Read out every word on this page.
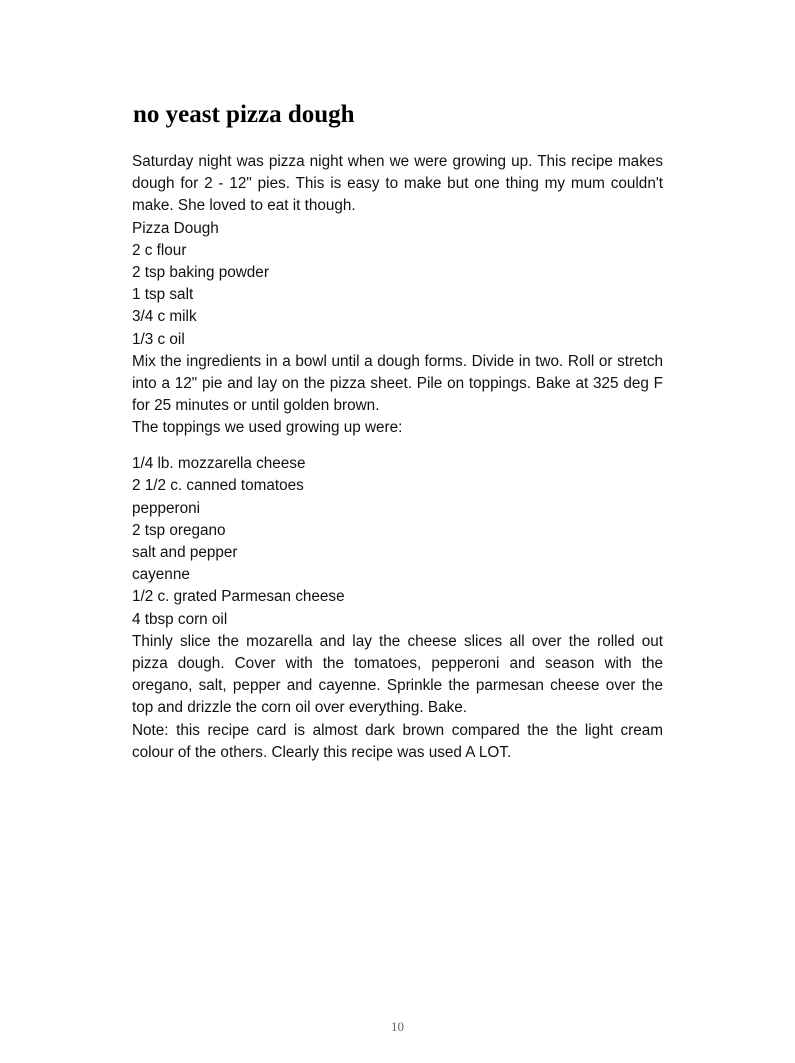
no yeast pizza dough

Saturday night was pizza night when we were growing up. This recipe makes dough for 2 - 12" pies. This is easy to make but one thing my mum couldn't make. She loved to eat it though.

Pizza Dough

2 c flour

2 tsp baking powder

1 tsp salt

3/4 c milk

1/3 c oil

Mix the ingredients in a bowl until a dough forms. Divide in two. Roll or stretch into a 12" pie and lay on the pizza sheet. Pile on toppings. Bake at 325 deg F for 25 minutes or until golden brown.

The toppings we used growing up were:

1/4 lb. mozzarella cheese

2 1/2 c. canned tomatoes

pepperoni

2 tsp oregano

salt and pepper

cayenne

1/2 c. grated Parmesan cheese

4 tbsp corn oil

Thinly slice the mozarella and lay the cheese slices all over the rolled out pizza dough. Cover with the tomatoes, pepperoni and season with the oregano, salt, pepper and cayenne. Sprinkle the parmesan cheese over the top and drizzle the corn oil over everything. Bake.

Note: this recipe card is almost dark brown compared the the light cream colour of the others. Clearly this recipe was used A LOT.

10
